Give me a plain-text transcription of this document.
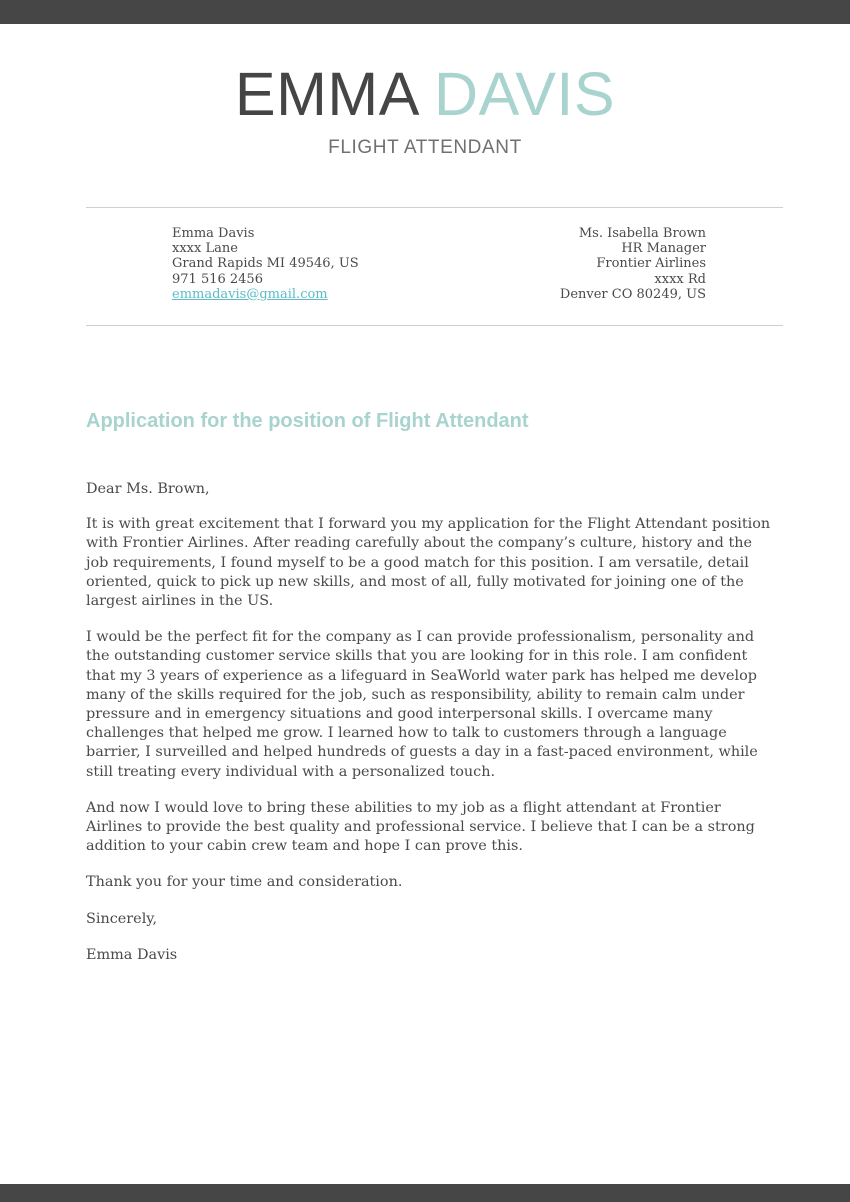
EMMA DAVIS
FLIGHT ATTENDANT
Emma Davis
xxxx Lane
Grand Rapids MI 49546, US
971 516 2456
emmadavis@gmail.com
Ms. Isabella Brown
HR Manager
Frontier Airlines
xxxx Rd
Denver CO 80249, US
Application for the position of Flight Attendant

Dear Ms. Brown,

It is with great excitement that I forward you my application for the Flight Attendant position with Frontier Airlines. After reading carefully about the company’s culture, history and the job requirements, I found myself to be a good match for this position. I am versatile, detail oriented, quick to pick up new skills, and most of all, fully motivated for joining one of the largest airlines in the US.

I would be the perfect fit for the company as I can provide professionalism, personality and the outstanding customer service skills that you are looking for in this role. I am confident that my 3 years of experience as a lifeguard in SeaWorld water park has helped me develop many of the skills required for the job, such as responsibility, ability to remain calm under pressure and in emergency situations and good interpersonal skills. I overcame many challenges that helped me grow. I learned how to talk to customers through a language barrier, I surveilled and helped hundreds of guests a day in a fast-paced environment, while still treating every individual with a personalized touch.

And now I would love to bring these abilities to my job as a flight attendant at Frontier Airlines to provide the best quality and professional service. I believe that I can be a strong addition to your cabin crew team and hope I can prove this.

Thank you for your time and consideration.

Sincerely,

Emma Davis
